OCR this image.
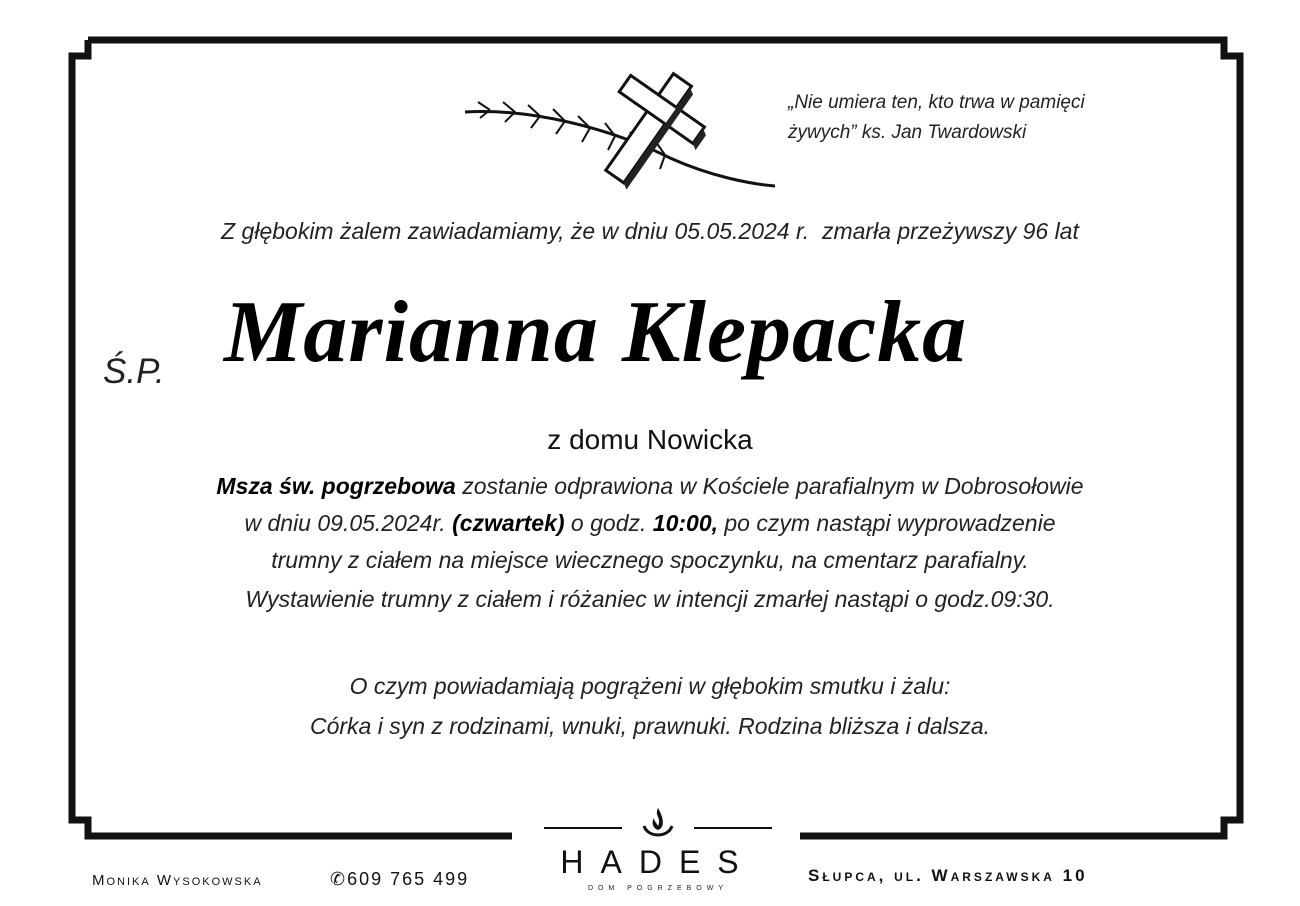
„Nie umiera ten, kto trwa w pamięci
żywych” ks. Jan Twardowski
Z głębokim żalem zawiadamiamy, że w dniu 05.05.2024 r.  zmarła przeżywszy 96 lat
Ś.P. Marianna Klepacka
z domu Nowicka
Msza św. pogrzebowa zostanie odprawiona w Kościele parafialnym w Dobrosołowie
w dniu 09.05.2024r. (czwartek) o godz. 10:00, po czym nastąpi wyprowadzenie
trumny z ciałem na miejsce wiecznego spoczynku, na cmentarz parafialny.
Wystawienie trumny z ciałem i różaniec w intencji zmarłej nastąpi o godz.09:30.
O czym powiadamiają pogrążeni w głębokim smutku i żalu:
Córka i syn z rodzinami, wnuki, prawnuki. Rodzina bliższa i dalsza.
Monika Wysokowska	✆609 765 499	HADES
dom pogrzebowy
Słupca, ul. Warszawska 10
